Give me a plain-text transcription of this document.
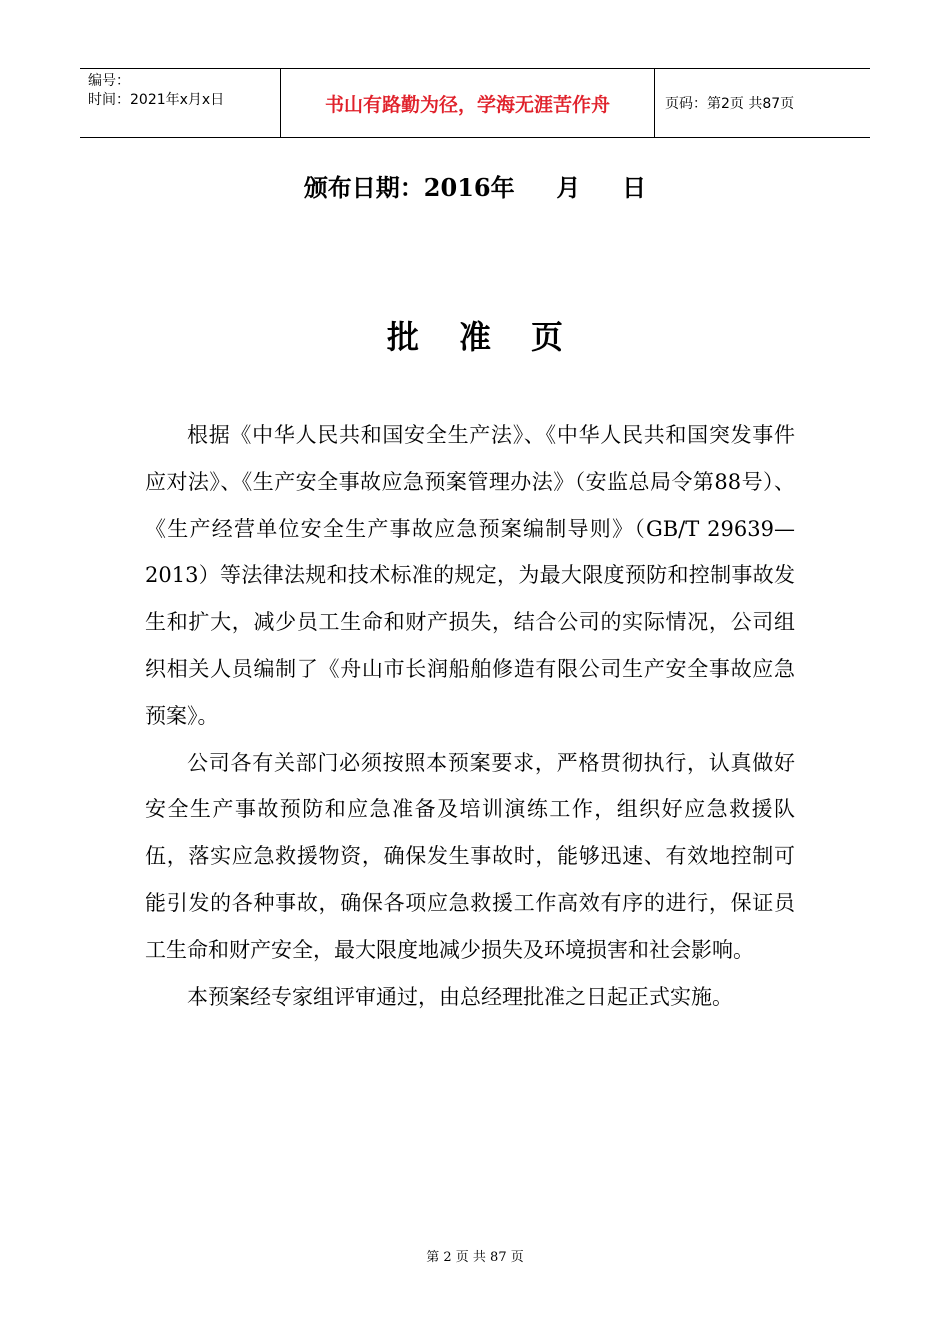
编号：
时间：2021年x月x日	书山有路勤为径，学海无涯苦作舟	页码：第2页 共87页
颁布日期：2016年     月     日
批准页

根据《中华人民共和国安全生产法》、《中华人民共和国突发事件应对法》、《生产安全事故应急预案管理办法》（安监总局令第88号）、《生产经营单位安全生产事故应急预案编制导则》（GB/T 29639—2013）等法律法规和技术标准的规定，为最大限度预防和控制事故发生和扩大，减少员工生命和财产损失，结合公司的实际情况，公司组织相关人员编制了《舟山市长润船舶修造有限公司生产安全事故应急预案》。

公司各有关部门必须按照本预案要求，严格贯彻执行，认真做好安全生产事故预防和应急准备及培训演练工作，组织好应急救援队伍，落实应急救援物资，确保发生事故时，能够迅速、有效地控制可能引发的各种事故，确保各项应急救援工作高效有序的进行，保证员工生命和财产安全，最大限度地减少损失及环境损害和社会影响。

本预案经专家组评审通过，由总经理批准之日起正式实施。

第 2 页 共 87 页
